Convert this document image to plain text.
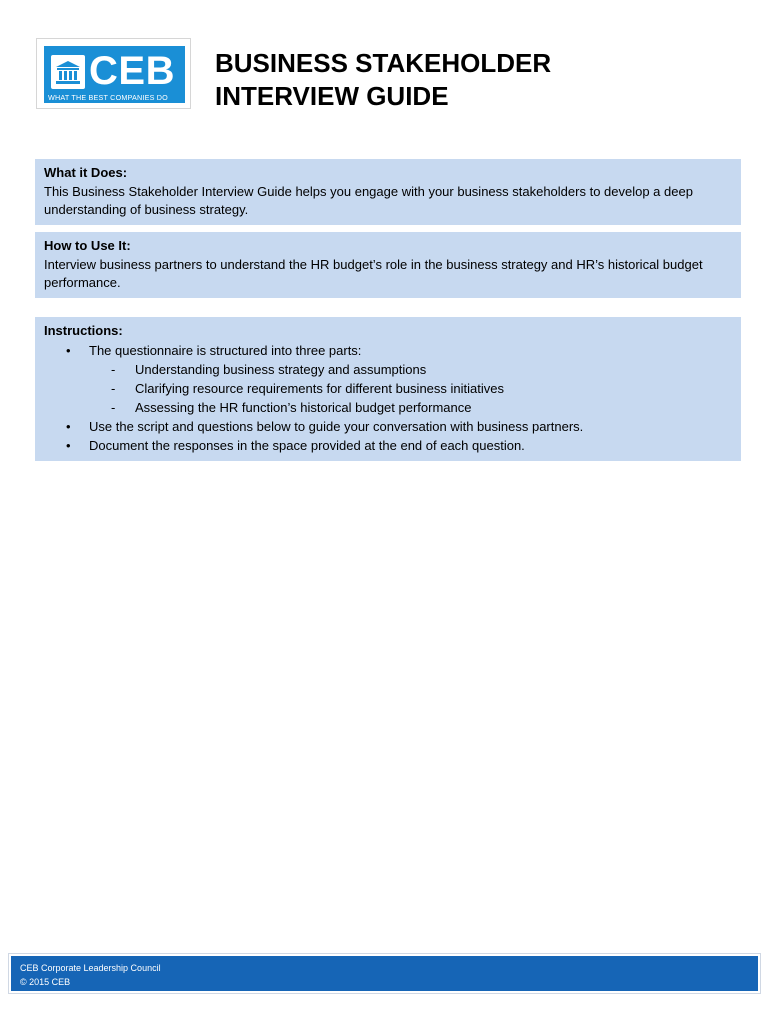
CEB
WHAT THE BEST COMPANIES DO
BUSINESS STAKEHOLDER
INTERVIEW GUIDE
What it Does:
This Business Stakeholder Interview Guide helps you engage with your business stakeholders to develop a deep understanding of business strategy.
How to Use It:
Interview business partners to understand the HR budget’s role in the business strategy and HR’s historical budget performance.
Instructions:
• The questionnaire is structured into three parts:
- Understanding business strategy and assumptions
- Clarifying resource requirements for different business initiatives
- Assessing the HR function’s historical budget performance
• Use the script and questions below to guide your conversation with business partners.
• Document the responses in the space provided at the end of each question.
CEB Corporate Leadership Council
© 2015 CEB
